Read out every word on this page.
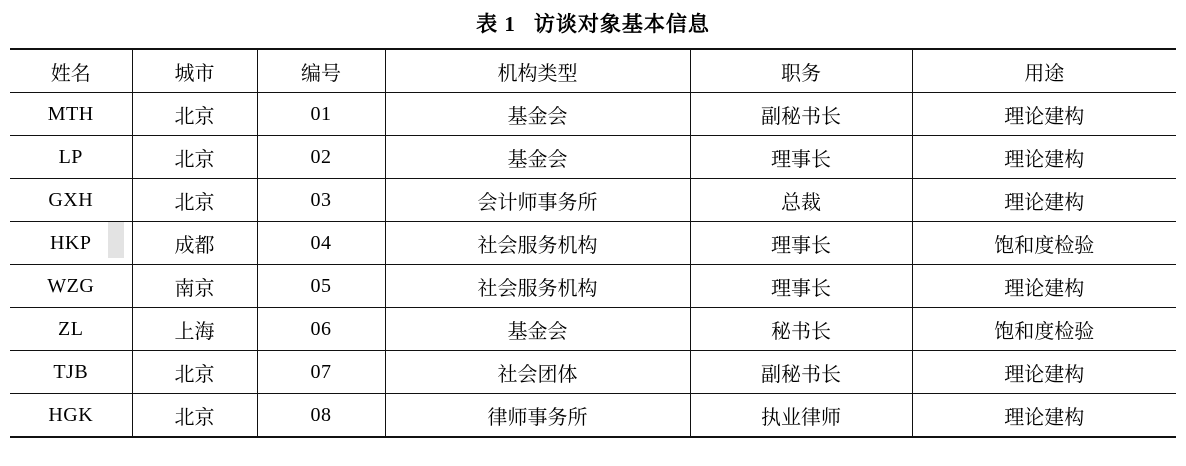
表 1 访谈对象基本信息
姓名	城市	编号	机构类型	职务	用途
MTH	北京	01	基金会	副秘书长	理论建构
LP	北京	02	基金会	理事长	理论建构
GXH	北京	03	会计师事务所	总裁	理论建构
HKP	成都	04	社会服务机构	理事长	饱和度检验
WZG	南京	05	社会服务机构	理事长	理论建构
ZL	上海	06	基金会	秘书长	饱和度检验
TJB	北京	07	社会团体	副秘书长	理论建构
HGK	北京	08	律师事务所	执业律师	理论建构
